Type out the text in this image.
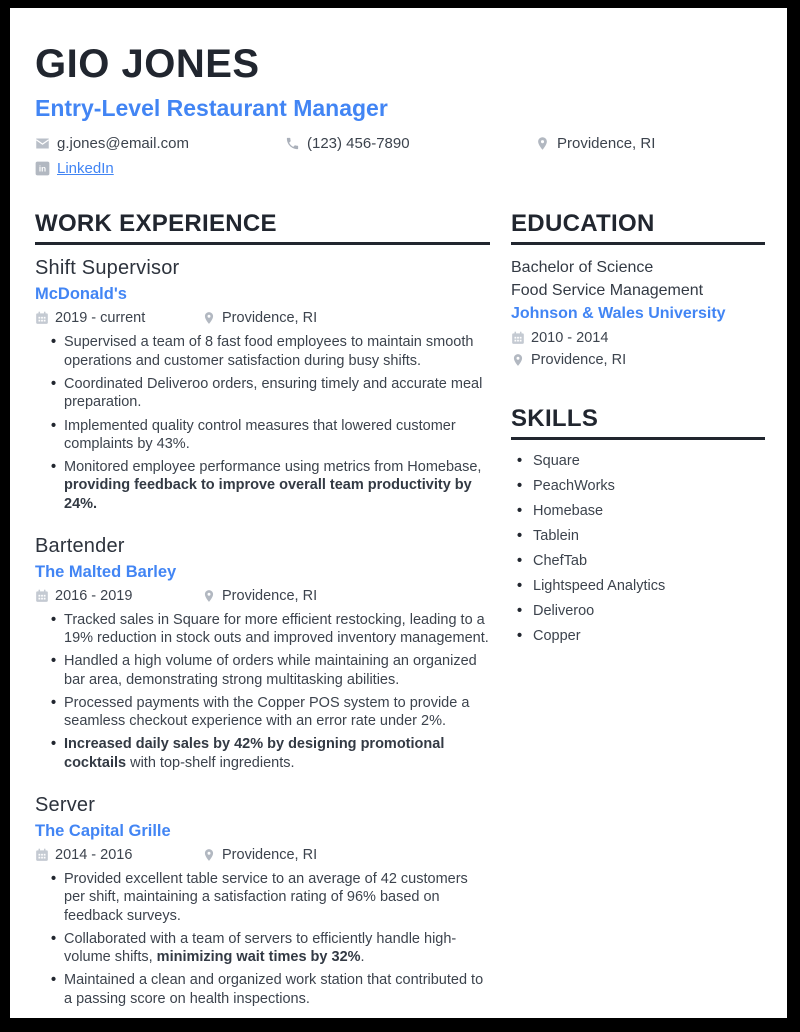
GIO JONES
Entry-Level Restaurant Manager
g.jones@email.com	(123) 456-7890	Providence, RI
in LinkedIn
WORK EXPERIENCE
Shift Supervisor
McDonald's
2019 - current	Providence, RI
• Supervised a team of 8 fast food employees to maintain smooth operations and customer satisfaction during busy shifts.
• Coordinated Deliveroo orders, ensuring timely and accurate meal preparation.
• Implemented quality control measures that lowered customer complaints by 43%.
• Monitored employee performance using metrics from Homebase, providing feedback to improve overall team productivity by 24%.
Bartender
The Malted Barley
2016 - 2019	Providence, RI
• Tracked sales in Square for more efficient restocking, leading to a 19% reduction in stock outs and improved inventory management.
• Handled a high volume of orders while maintaining an organized bar area, demonstrating strong multitasking abilities.
• Processed payments with the Copper POS system to provide a seamless checkout experience with an error rate under 2%.
• Increased daily sales by 42% by designing promotional cocktails with top-shelf ingredients.
Server
The Capital Grille
2014 - 2016	Providence, RI
• Provided excellent table service to an average of 42 customers per shift, maintaining a satisfaction rating of 96% based on feedback surveys.
• Collaborated with a team of servers to efficiently handle high-volume shifts, minimizing wait times by 32%.
• Maintained a clean and organized work station that contributed to a passing score on health inspections.
EDUCATION
Bachelor of Science
Food Service Management
Johnson & Wales University
2010 - 2014
Providence, RI
SKILLS
• Square
• PeachWorks
• Homebase
• Tablein
• ChefTab
• Lightspeed Analytics
• Deliveroo
• Copper
